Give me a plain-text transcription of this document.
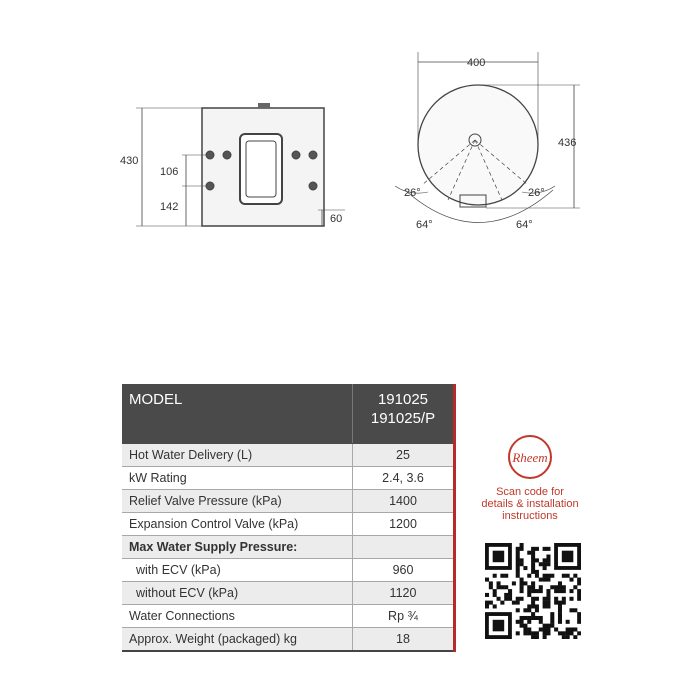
430
106
142
60
400
436
26°	26°
64°	64°
MODEL	191025
191025/P

Hot Water Delivery (L)	25
kW Rating	2.4, 3.6
Relief Valve Pressure (kPa)	1400
Expansion Control Valve (kPa)	1200
Max Water Supply Pressure:	
with ECV (kPa)	960
without ECV (kPa)	1120
Water Connections	Rp ¾
Approx. Weight (packaged) kg	18
Rheem
Scan code for
details & installation
instructions
